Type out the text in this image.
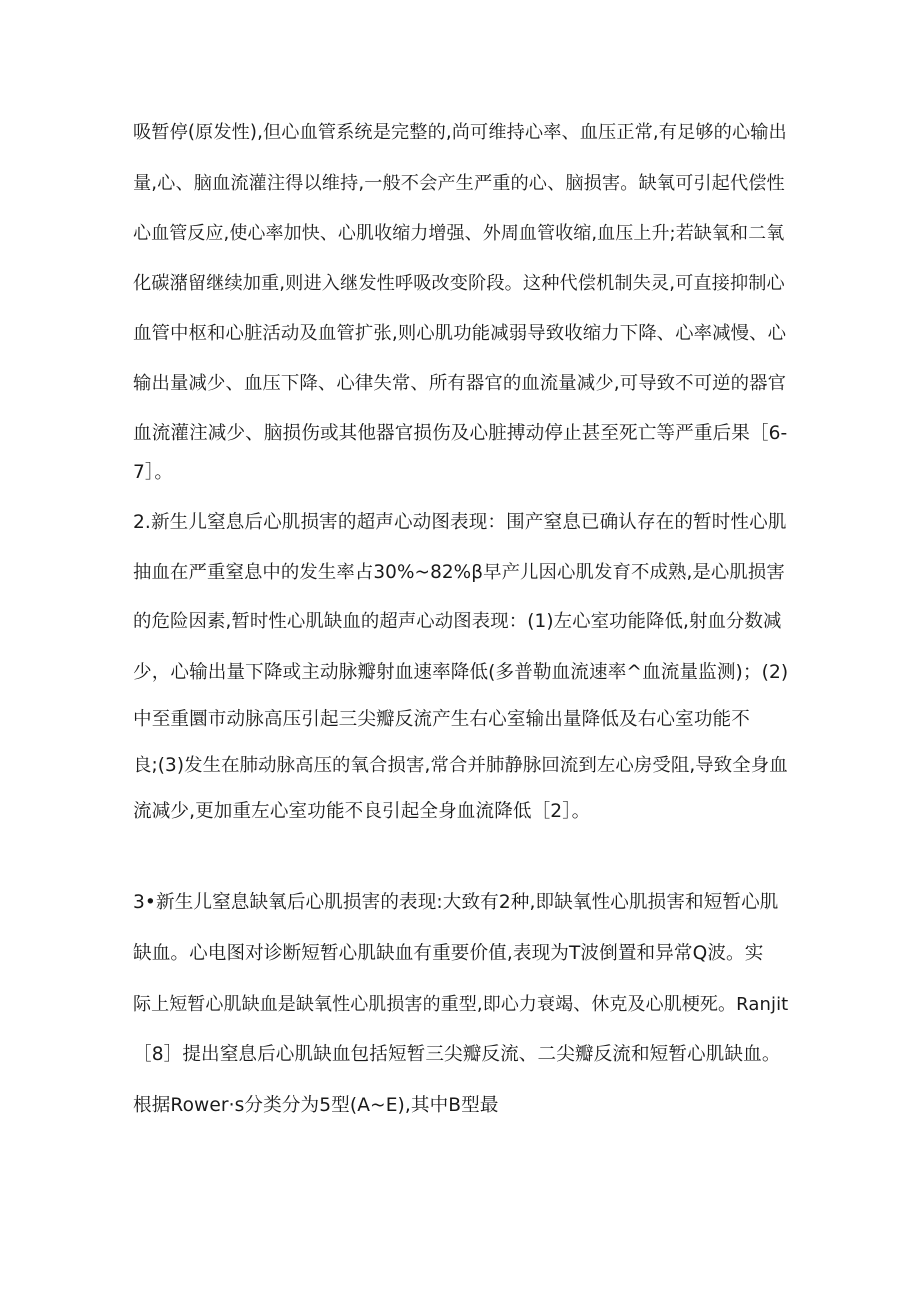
吸暂停(原发性),但心血管系统是完整的,尚可维持心率、血压正常,有足够的心输出

量,心、脑血流灌注得以维持,一般不会产生严重的心、脑损害。缺氧可引起代偿性

心血管反应,使心率加快、心肌收缩力增强、外周血管收缩,血压上升;若缺氧和二氧

化碳潴留继续加重,则进入继发性呼吸改变阶段。这种代偿机制失灵,可直接抑制心

血管中枢和心脏活动及血管扩张,则心肌功能减弱导致收缩力下降、心率减慢、心

输出量减少、血压下降、心律失常、所有器官的血流量减少,可导致不可逆的器官

血流灌注减少、脑损伤或其他器官损伤及心脏搏动停止甚至死亡等严重后果［6-

7］。

2.新生儿窒息后心肌损害的超声心动图表现：围产窒息已确认存在的暂时性心肌

抽血在严重窒息中的发生率占30%~82%β早产儿因心肌发育不成熟,是心肌损害

的危险因素,暂时性心肌缺血的超声心动图表现：(1)左心室功能降低,射血分数减

少，心输出量下降或主动脉瓣射血速率降低(多普勒血流速率^血流量监测)；(2)

中至重圜市动脉高压引起三尖瓣反流产生右心室输出量降低及右心室功能不

良;(3)发生在肺动脉高压的氧合损害,常合并肺静脉回流到左心房受阻,导致全身血

流减少,更加重左心室功能不良引起全身血流降低［2］。

3•新生儿窒息缺氧后心肌损害的表现:大致有2种,即缺氧性心肌损害和短暂心肌

缺血。心电图对诊断短暂心肌缺血有重要价值,表现为T波倒置和异常Q波。实

际上短暂心肌缺血是缺氧性心肌损害的重型,即心力衰竭、休克及心肌梗死。Ranjit

［8］提出窒息后心肌缺血包括短暂三尖瓣反流、二尖瓣反流和短暂心肌缺血。

根据Rower·s分类分为5型(A~E),其中B型最
